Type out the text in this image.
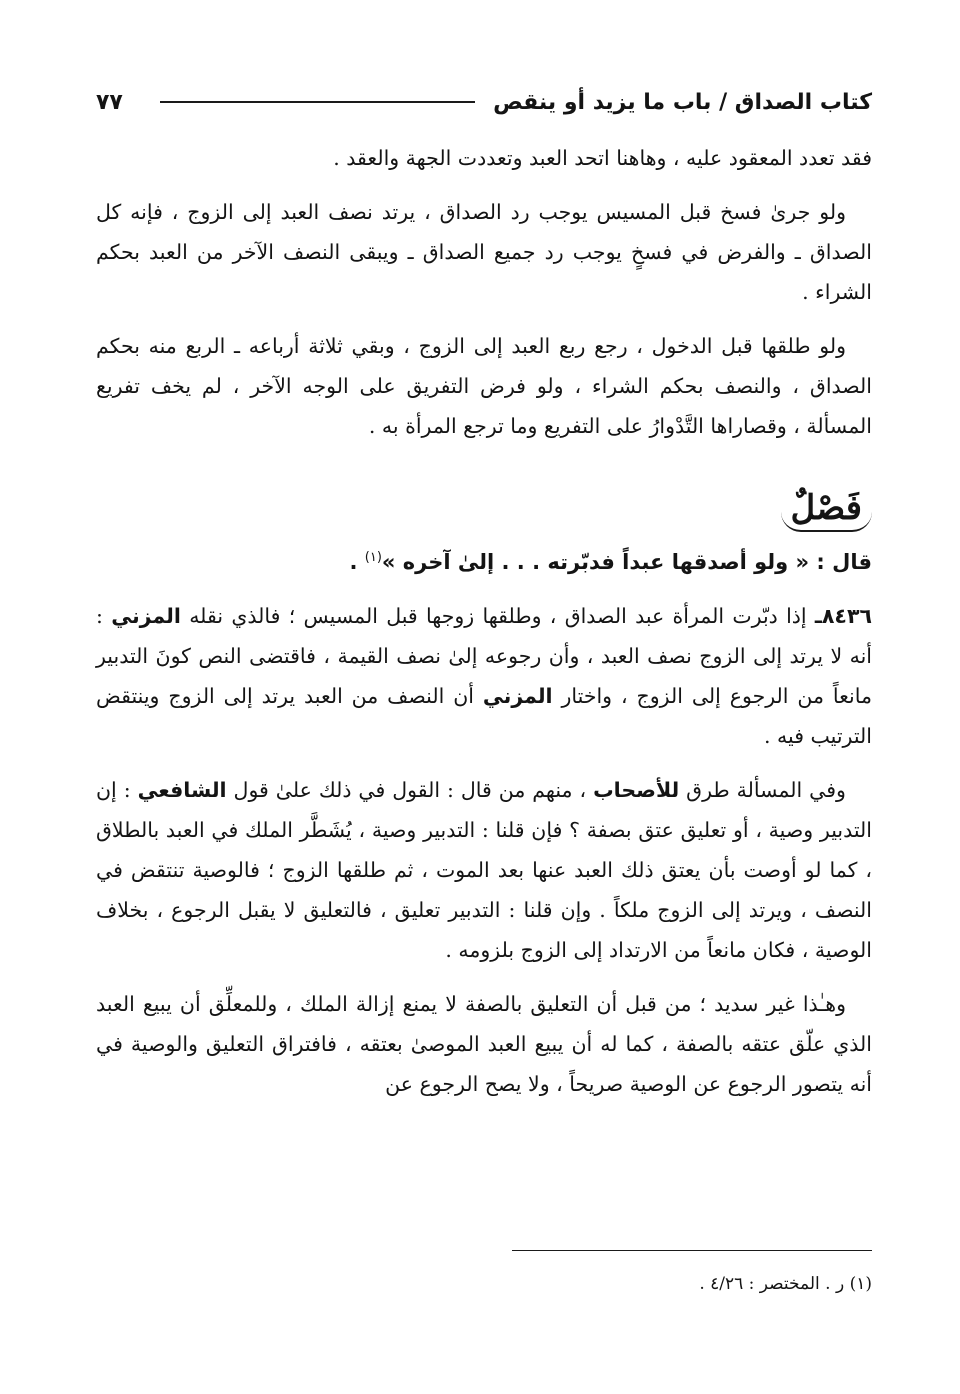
كتاب الصداق / باب ما يزيد أو ينقص
٧٧

فقد تعدد المعقود عليه ، وهاهنا اتحد العبد وتعددت الجهة والعقد .

ولو جرىٰ فسخ قبل المسيس يوجب رد الصداق ، يرتد نصف العبد إلى الزوج ، فإنه كل الصداق ـ والفرض في فسخٍ يوجب رد جميع الصداق ـ ويبقى النصف الآخر من العبد بحكم الشراء .

ولو طلقها قبل الدخول ، رجع ربع العبد إلى الزوج ، وبقي ثلاثة أرباعه ـ الربع منه بحكم الصداق ، والنصف بحكم الشراء ، ولو فرض التفريق على الوجه الآخر ، لم يخف تفريع المسألة ، وقصاراها التَّدْوارُ على التفريع وما ترجع المرأة به .

فَصْلٌ

قال : « ولو أصدقها عبداً فدبّرته . . . إلىٰ آخره »$^{(١)}$ .

٨٤٣٦ـ إذا دبّرت المرأة عبد الصداق ، وطلقها زوجها قبل المسيس ؛ فالذي نقله المزني : أنه لا يرتد إلى الزوج نصف العبد ، وأن رجوعه إلىٰ نصف القيمة ، فاقتضى النص كونَ التدبير مانعاً من الرجوع إلى الزوج ، واختار المزني أن النصف من العبد يرتد إلى الزوج وينتقض الترتيب فيه .

وفي المسألة طرق للأصحاب ، منهم من قال : القول في ذلك علىٰ قول الشافعي : إن التدبير وصية ، أو تعليق عتق بصفة ؟ فإن قلنا : التدبير وصية ، يُشَطَّر الملك في العبد بالطلاق ، كما لو أوصت بأن يعتق ذلك العبد عنها بعد الموت ، ثم طلقها الزوج ؛ فالوصية تنتقض في النصف ، ويرتد إلى الزوج ملكاً . وإن قلنا : التدبير تعليق ، فالتعليق لا يقبل الرجوع ، بخلاف الوصية ، فكان مانعاً من الارتداد إلى الزوج بلزومه .

وهـٰذا غير سديد ؛ من قبل أن التعليق بالصفة لا يمنع إزالة الملك ، وللمعلِّق أن يبيع العبد الذي علّق عتقه بالصفة ، كما له أن يبيع العبد الموصىٰ بعتقه ، فافتراق التعليق والوصية في أنه يتصور الرجوع عن الوصية صريحاً ، ولا يصح الرجوع عن

(١) ر . المختصر : ٤/٢٦ .
